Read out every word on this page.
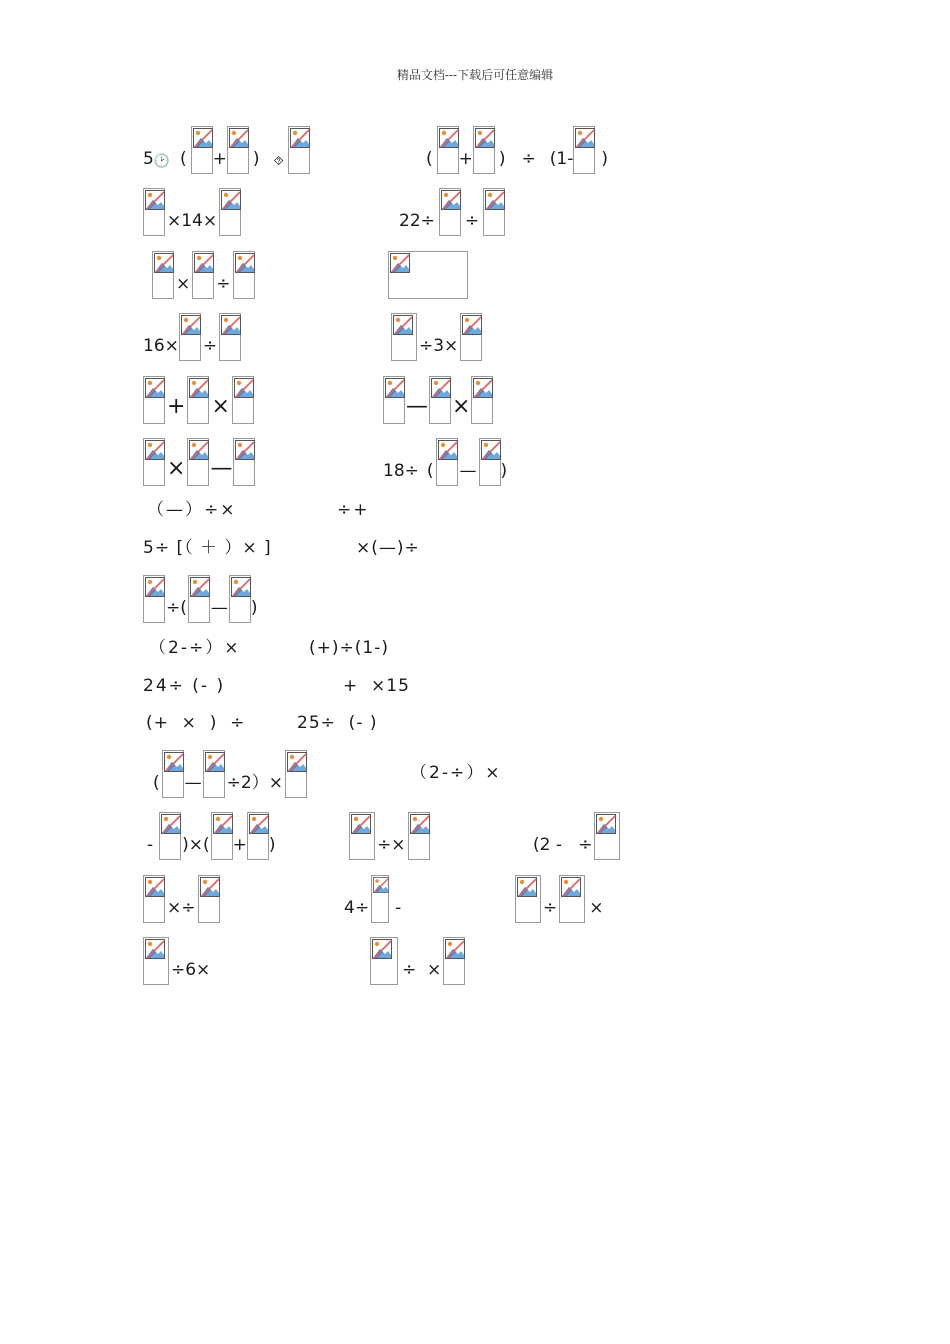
精品文档---下载后可任意编辑
5 🕑 ( + ) ⯑	( + ) ÷ (1- )
×14×	22÷ ÷
× ÷
16× ÷	÷3×
+ ×	— ×
× —	18÷ ( — )
（—）÷×	÷+
5÷ [（ ＋ ）× ]	×(—)÷
÷( — )
（2-÷）×	(+)÷(1-)
24÷ (- )	+  ×15
(+  ×  )  ÷	25÷  (- )
( — ÷2）×
（2-÷）×
- )×( + )	÷×	(2 -   ÷
×÷	4÷ -	÷ ×
÷6×	÷  ×
